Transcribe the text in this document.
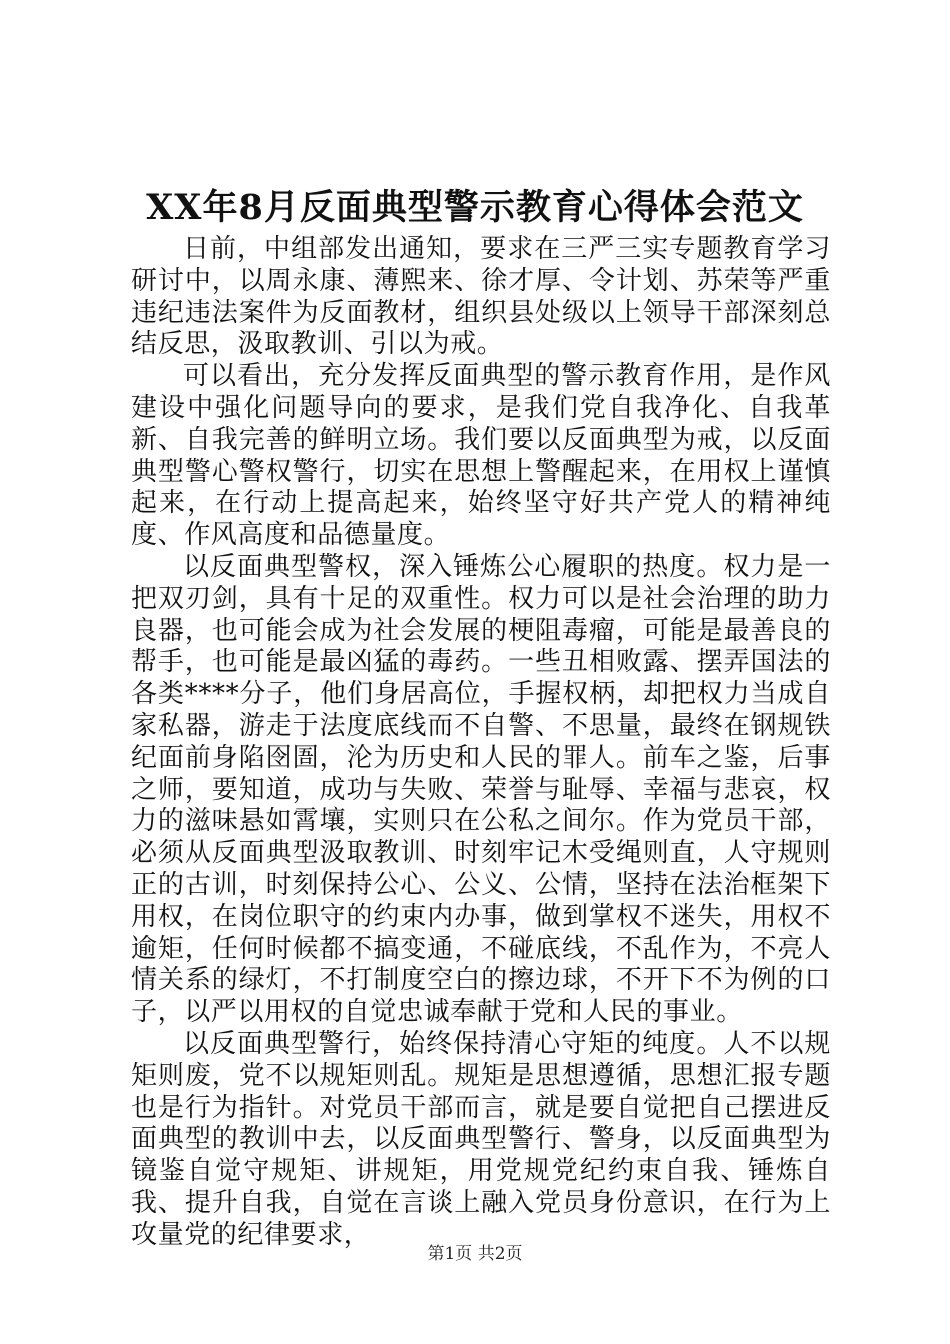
XX年8月反面典型警示教育心得体会范文

日前，中组部发出通知，要求在三严三实专题教育学习研讨中，以周永康、薄熙来、徐才厚、令计划、苏荣等严重违纪违法案件为反面教材，组织县处级以上领导干部深刻总结反思，汲取教训、引以为戒。

可以看出，充分发挥反面典型的警示教育作用，是作风建设中强化问题导向的要求，是我们党自我净化、自我革新、自我完善的鲜明立场。我们要以反面典型为戒，以反面典型警心警权警行，切实在思想上警醒起来，在用权上谨慎起来，在行动上提高起来，始终坚守好共产党人的精神纯度、作风高度和品德量度。

以反面典型警权，深入锤炼公心履职的热度。权力是一把双刃剑，具有十足的双重性。权力可以是社会治理的助力良器，也可能会成为社会发展的梗阻毒瘤，可能是最善良的帮手，也可能是最凶猛的毒药。一些丑相败露、摆弄国法的各类****分子，他们身居高位，手握权柄，却把权力当成自家私器，游走于法度底线而不自警、不思量，最终在钢规铁纪面前身陷囹圄，沦为历史和人民的罪人。前车之鉴，后事之师，要知道，成功与失败、荣誉与耻辱、幸福与悲哀，权力的滋味悬如霄壤，实则只在公私之间尔。作为党员干部，必须从反面典型汲取教训、时刻牢记木受绳则直，人守规则正的古训，时刻保持公心、公义、公情，坚持在法治框架下用权，在岗位职守的约束内办事，做到掌权不迷失，用权不逾矩，任何时候都不搞变通，不碰底线，不乱作为，不亮人情关系的绿灯，不打制度空白的擦边球，不开下不为例的口子，以严以用权的自觉忠诚奉献于党和人民的事业。

以反面典型警行，始终保持清心守矩的纯度。人不以规矩则废，党不以规矩则乱。规矩是思想遵循，思想汇报专题也是行为指针。对党员干部而言，就是要自觉把自己摆进反面典型的教训中去，以反面典型警行、警身，以反面典型为镜鉴自觉守规矩、讲规矩，用党规党纪约束自我、锤炼自我、提升自我，自觉在言谈上融入党员身份意识，在行为上攻量党的纪律要求，

第1页 共2页
